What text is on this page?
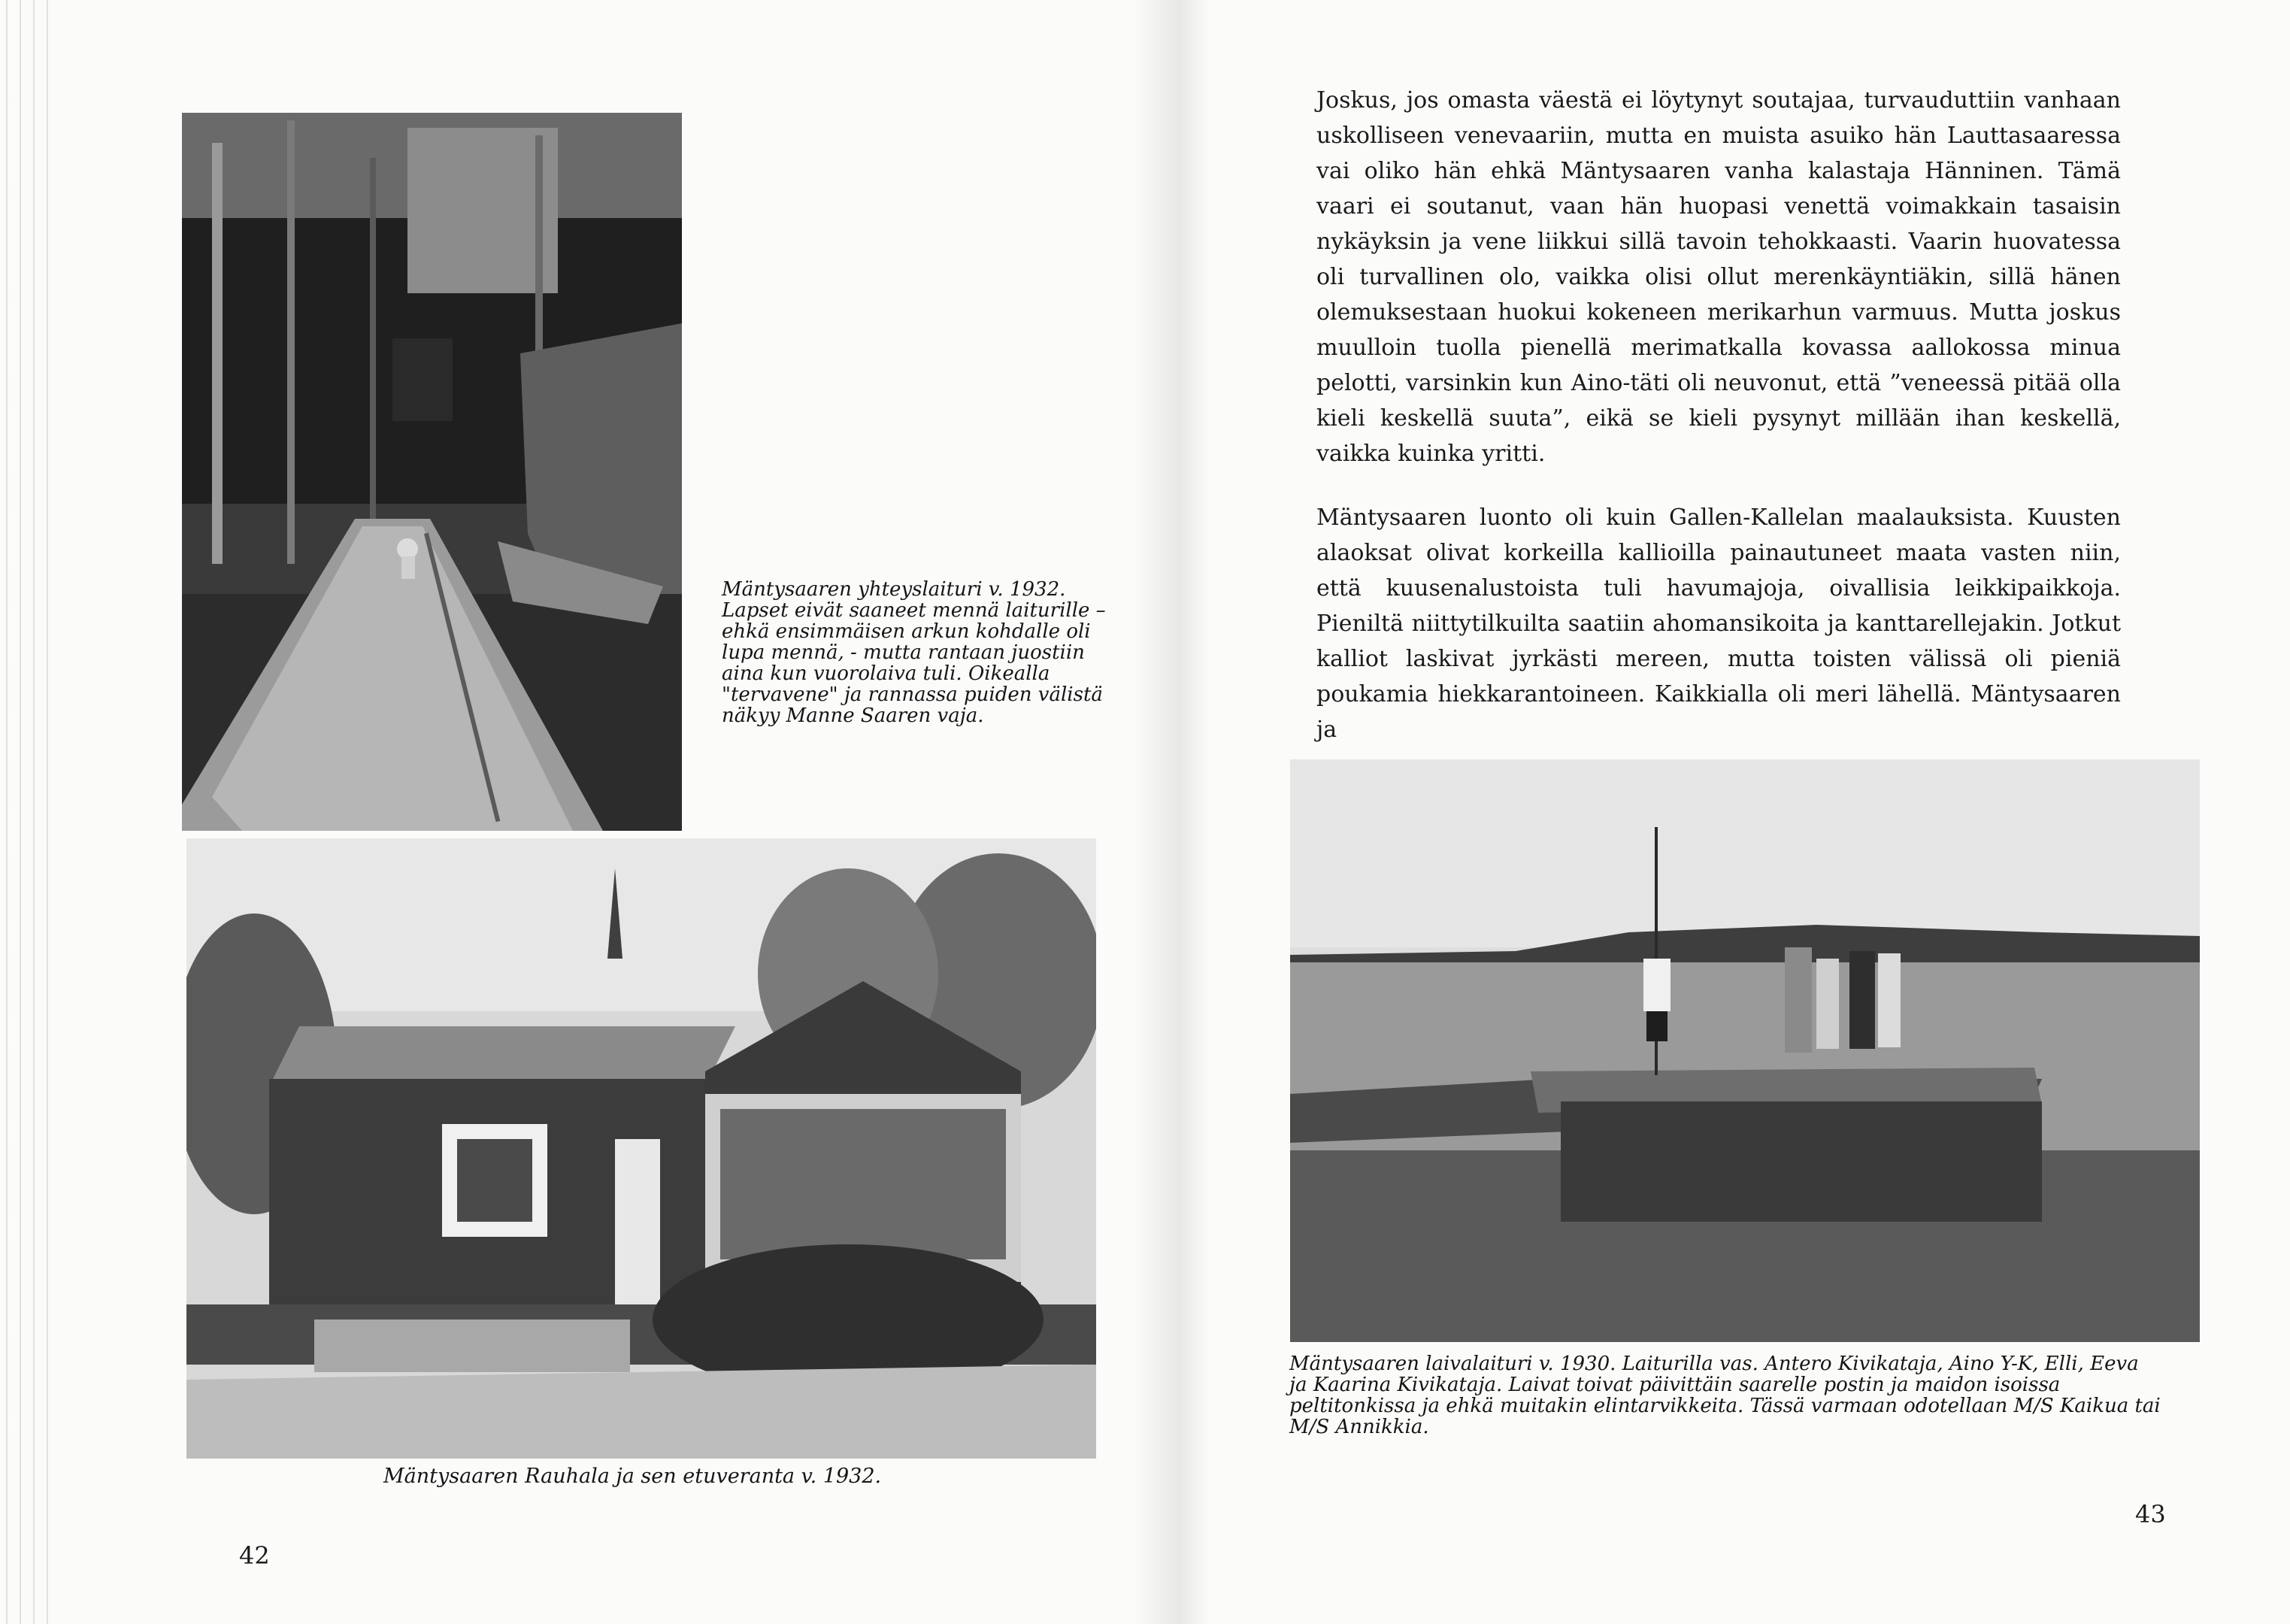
Mäntysaaren yhteyslaituri v. 1932. Lapset eivät saaneet mennä laiturille – ehkä ensimmäisen arkun kohdalle oli lupa mennä, - mutta rantaan juostiin aina kun vuorolaiva tuli. Oikealla "tervavene" ja rannassa puiden välistä näkyy Manne Saaren vaja.
Mäntysaaren Rauhala ja sen etuveranta v. 1932.
42
Joskus, jos omasta väestä ei löytynyt soutajaa, turvauduttiin vanhaan uskolliseen venevaariin, mutta en muista asuiko hän Lauttasaaressa vai oliko hän ehkä Mäntysaaren vanha kalastaja Hänninen. Tämä vaari ei soutanut, vaan hän huopasi venettä voimakkain tasaisin nykäyksin ja vene liikkui sillä tavoin tehokkaasti. Vaarin huovatessa oli turvallinen olo, vaikka olisi ollut merenkäyntiäkin, sillä hänen olemuksestaan huokui kokeneen merikarhun varmuus. Mutta joskus muulloin tuolla pienellä merimatkalla kovassa aallokossa minua pelotti, varsinkin kun Aino-täti oli neuvonut, että ”veneessä pitää olla kieli keskellä suuta”, eikä se kieli pysynyt millään ihan keskellä, vaikka kuinka yritti.
Mäntysaaren luonto oli kuin Gallen-Kallelan maalauksista. Kuusten alaoksat olivat korkeilla kallioilla painautuneet maata vasten niin, että kuusenalustoista tuli havumajoja, oivallisia leikkipaikkoja. Pieniltä niittytilkuilta saatiin ahomansikoita ja kanttarellejakin. Jotkut kalliot laskivat jyrkästi mereen, mutta toisten välissä oli pieniä poukamia hiekkarantoineen. Kaikkialla oli meri lähellä. Mäntysaaren ja
Mäntysaaren laivalaituri v. 1930. Laiturilla vas. Antero Kivikataja, Aino Y-K, Elli, Eeva ja Kaarina Kivikataja. Laivat toivat päivittäin saarelle postin ja maidon isoissa peltitonkissa ja ehkä muitakin elintarvikkeita. Tässä varmaan odotellaan M/S Kaikua tai M/S Annikkia.
43
